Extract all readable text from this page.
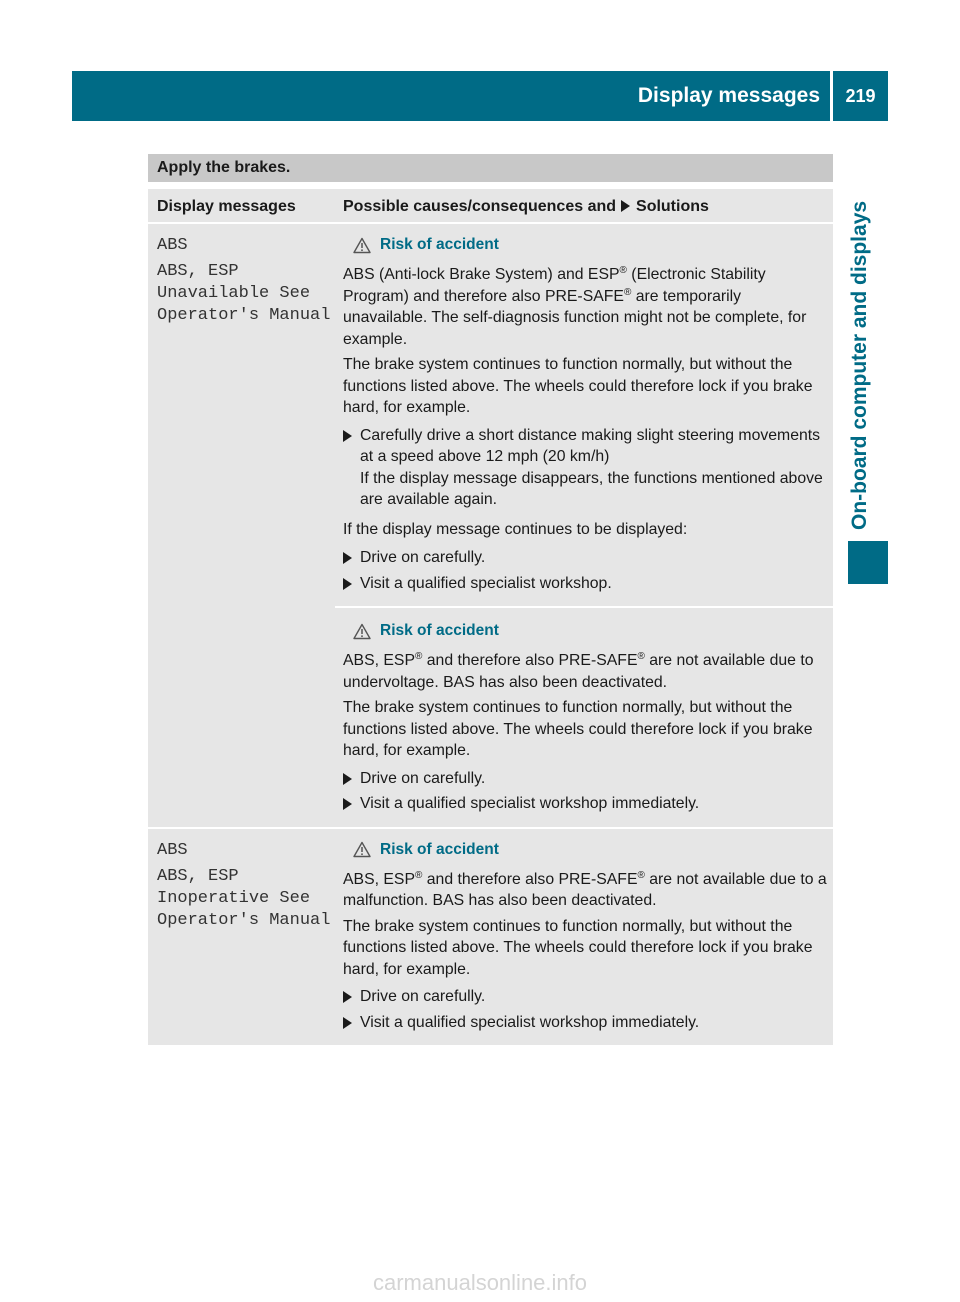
Display messages	219
On-board computer and displays
Apply the brakes.
Display messages	Possible causes/consequences and Solutions
ABS
ABS, ESP Unavailable See Operator's Manual
Risk of accident
ABS (Anti-lock Brake System) and ESP® (Electronic Stability Program) and therefore also PRE-SAFE® are temporarily unavailable. The self-diagnosis function might not be complete, for example.
The brake system continues to function normally, but without the functions listed above. The wheels could therefore lock if you brake hard, for example.
Carefully drive a short distance making slight steering movements at a speed above 12 mph (20 km/h)
If the display message disappears, the functions mentioned above are available again.
If the display message continues to be displayed:
Drive on carefully.
Visit a qualified specialist workshop.
Risk of accident
ABS, ESP® and therefore also PRE-SAFE® are not available due to undervoltage. BAS has also been deactivated.
The brake system continues to function normally, but without the functions listed above. The wheels could therefore lock if you brake hard, for example.
Drive on carefully.
Visit a qualified specialist workshop immediately.
ABS
ABS, ESP Inoperative See Operator's Manual
Risk of accident
ABS, ESP® and therefore also PRE-SAFE® are not available due to a malfunction. BAS has also been deactivated.
The brake system continues to function normally, but without the functions listed above. The wheels could therefore lock if you brake hard, for example.
Drive on carefully.
Visit a qualified specialist workshop immediately.
carmanualsonline.info
